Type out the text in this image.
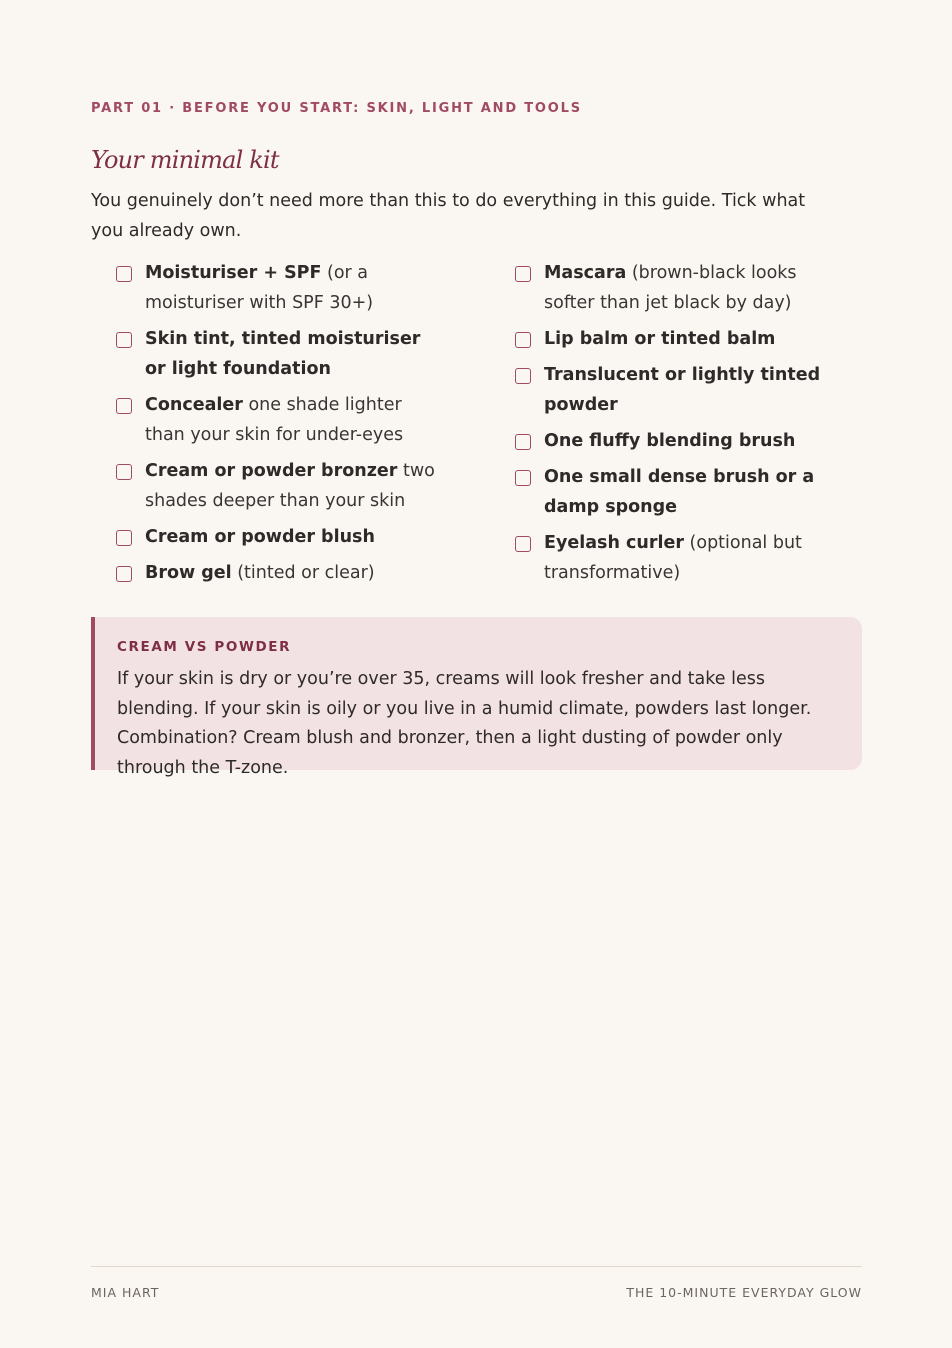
PART 01 · BEFORE YOU START: SKIN, LIGHT AND TOOLS
Your minimal kit
You genuinely don’t need more than this to do everything in this guide. Tick what you already own.
Moisturiser + SPF (or a moisturiser with SPF 30+)
Skin tint, tinted moisturiser or light foundation
Concealer one shade lighter than your skin for under-eyes
Cream or powder bronzer two shades deeper than your skin
Cream or powder blush
Brow gel (tinted or clear)
Mascara (brown-black looks softer than jet black by day)
Lip balm or tinted balm
Translucent or lightly tinted powder
One fluffy blending brush
One small dense brush or a damp sponge
Eyelash curler (optional but transformative)
CREAM VS POWDER
If your skin is dry or you’re over 35, creams will look fresher and take less blending. If your skin is oily or you live in a humid climate, powders last longer. Combination? Cream blush and bronzer, then a light dusting of powder only through the T-zone.
MIA HART	THE 10-MINUTE EVERYDAY GLOW
